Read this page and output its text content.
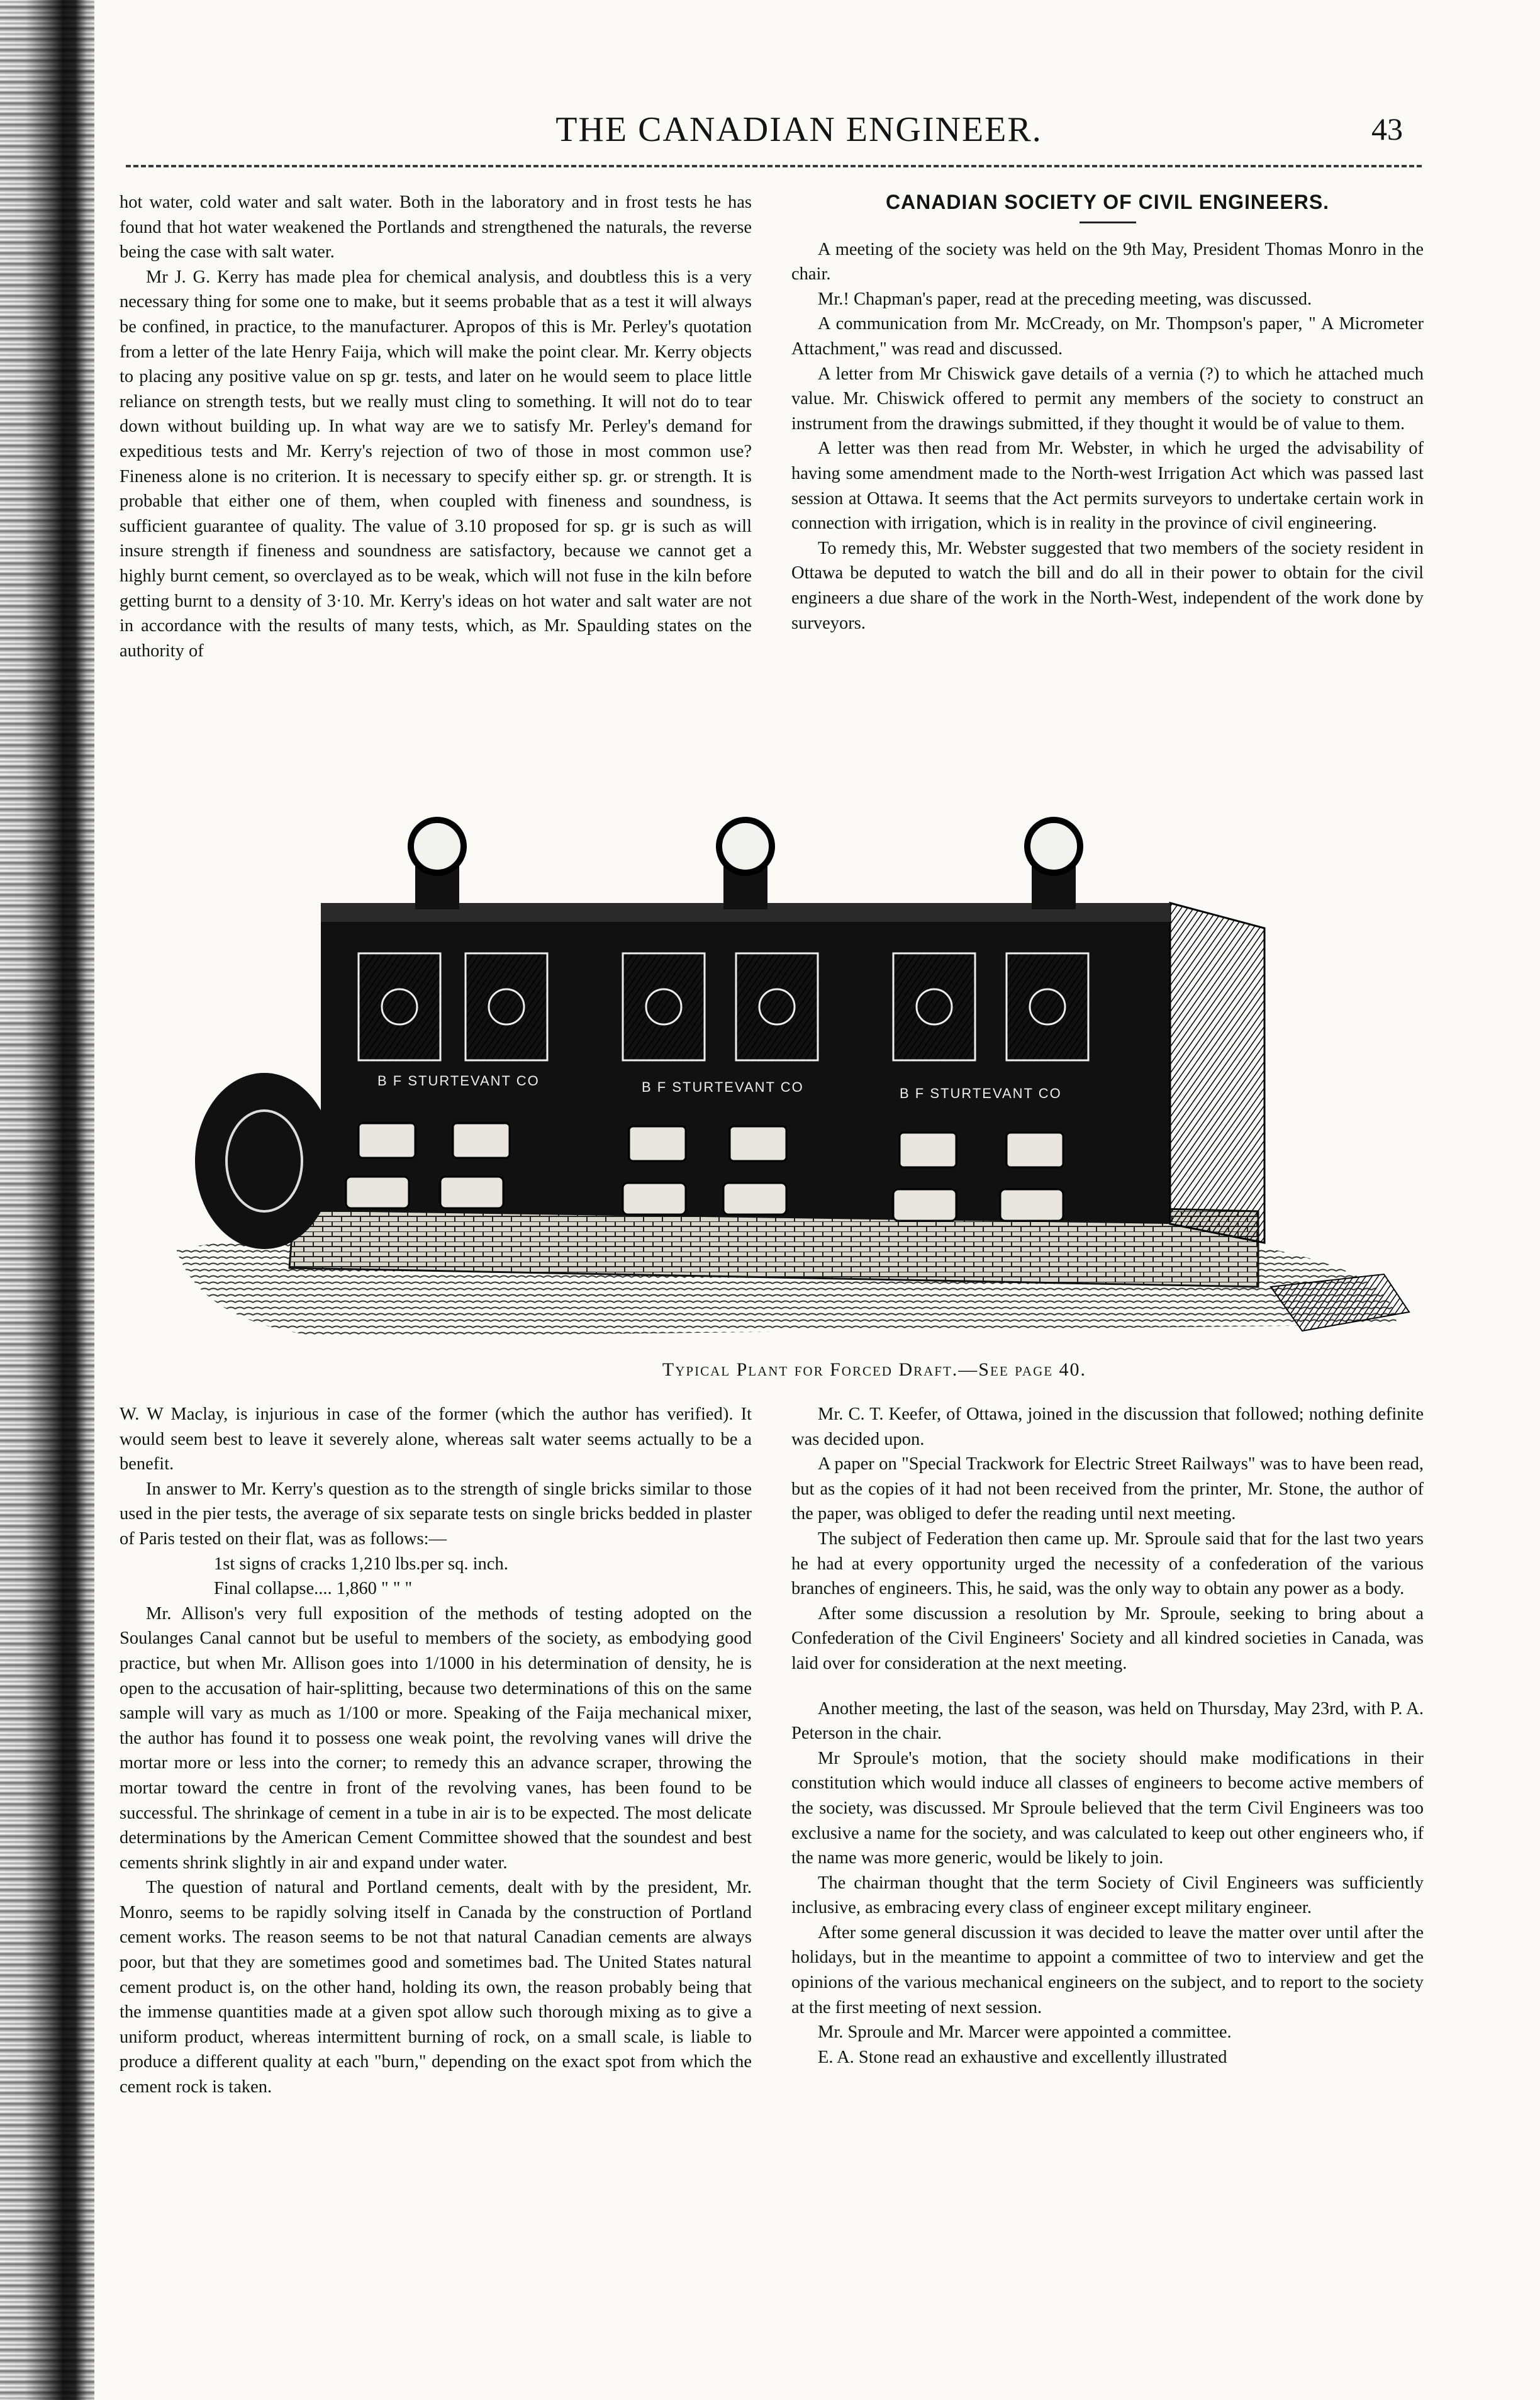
THE CANADIAN ENGINEER.	43

hot water, cold water and salt water. Both in the laboratory and in frost tests he has found that hot water weakened the Portlands and strengthened the naturals, the reverse being the case with salt water.

Mr J. G. Kerry has made plea for chemical analysis, and doubtless this is a very necessary thing for some one to make, but it seems probable that as a test it will always be confined, in practice, to the manufacturer. Apropos of this is Mr. Perley's quotation from a letter of the late Henry Faija, which will make the point clear. Mr. Kerry objects to placing any positive value on sp gr. tests, and later on he would seem to place little reliance on strength tests, but we really must cling to something. It will not do to tear down without building up. In what way are we to satisfy Mr. Perley's demand for expeditious tests and Mr. Kerry's rejection of two of those in most common use? Fineness alone is no criterion. It is necessary to specify either sp. gr. or strength. It is probable that either one of them, when coupled with fineness and soundness, is sufficient guarantee of quality. The value of 3.10 proposed for sp. gr is such as will insure strength if fineness and soundness are satisfactory, because we cannot get a highly burnt cement, so overclayed as to be weak, which will not fuse in the kiln before getting burnt to a density of 3·10. Mr. Kerry's ideas on hot water and salt water are not in accordance with the results of many tests, which, as Mr. Spaulding states on the authority of

CANADIAN SOCIETY OF CIVIL ENGINEERS.

A meeting of the society was held on the 9th May, President Thomas Monro in the chair.

Mr.! Chapman's paper, read at the preceding meeting, was discussed.

A communication from Mr. McCready, on Mr. Thompson's paper, " A Micrometer Attachment," was read and discussed.

A letter from Mr Chiswick gave details of a vernia (?) to which he attached much value. Mr. Chiswick offered to permit any members of the society to construct an instrument from the drawings submitted, if they thought it would be of value to them.

A letter was then read from Mr. Webster, in which he urged the advisability of having some amendment made to the North-west Irrigation Act which was passed last session at Ottawa. It seems that the Act permits surveyors to undertake certain work in connection with irrigation, which is in reality in the province of civil engineering.

To remedy this, Mr. Webster suggested that two members of the society resident in Ottawa be deputed to watch the bill and do all in their power to obtain for the civil engineers a due share of the work in the North-West, independent of the work done by surveyors.

B F STURTEVANT CO	B F STURTEVANT CO	B F STURTEVANT CO
Typical Plant for Forced Draft.—See page 40.

W. W Maclay, is injurious in case of the former (which the author has verified). It would seem best to leave it severely alone, whereas salt water seems actually to be a benefit.

In answer to Mr. Kerry's question as to the strength of single bricks similar to those used in the pier tests, the average of six separate tests on single bricks bedded in plaster of Paris tested on their flat, was as follows:—

1st signs of cracks 1,210 lbs.per sq. inch.

Final collapse.... 1,860 " " "

Mr. Allison's very full exposition of the methods of testing adopted on the Soulanges Canal cannot but be useful to members of the society, as embodying good practice, but when Mr. Allison goes into 1/1000 in his determination of density, he is open to the accusation of hair-splitting, because two determinations of this on the same sample will vary as much as 1/100 or more. Speaking of the Faija mechanical mixer, the author has found it to possess one weak point, the revolving vanes will drive the mortar more or less into the corner; to remedy this an advance scraper, throwing the mortar toward the centre in front of the revolving vanes, has been found to be successful. The shrinkage of cement in a tube in air is to be expected. The most delicate determinations by the American Cement Committee showed that the soundest and best cements shrink slightly in air and expand under water.

The question of natural and Portland cements, dealt with by the president, Mr. Monro, seems to be rapidly solving itself in Canada by the construction of Portland cement works. The reason seems to be not that natural Canadian cements are always poor, but that they are sometimes good and sometimes bad. The United States natural cement product is, on the other hand, holding its own, the reason probably being that the immense quantities made at a given spot allow such thorough mixing as to give a uniform product, whereas intermittent burning of rock, on a small scale, is liable to produce a different quality at each "burn," depending on the exact spot from which the cement rock is taken.

Mr. C. T. Keefer, of Ottawa, joined in the discussion that followed; nothing definite was decided upon.

A paper on "Special Trackwork for Electric Street Railways" was to have been read, but as the copies of it had not been received from the printer, Mr. Stone, the author of the paper, was obliged to defer the reading until next meeting.

The subject of Federation then came up. Mr. Sproule said that for the last two years he had at every opportunity urged the necessity of a confederation of the various branches of engineers. This, he said, was the only way to obtain any power as a body.

After some discussion a resolution by Mr. Sproule, seeking to bring about a Confederation of the Civil Engineers' Society and all kindred societies in Canada, was laid over for consideration at the next meeting.

Another meeting, the last of the season, was held on Thursday, May 23rd, with P. A. Peterson in the chair.

Mr Sproule's motion, that the society should make modifications in their constitution which would induce all classes of engineers to become active members of the society, was discussed. Mr Sproule believed that the term Civil Engineers was too exclusive a name for the society, and was calculated to keep out other engineers who, if the name was more generic, would be likely to join.

The chairman thought that the term Society of Civil Engineers was sufficiently inclusive, as embracing every class of engineer except military engineer.

After some general discussion it was decided to leave the matter over until after the holidays, but in the meantime to appoint a committee of two to interview and get the opinions of the various mechanical engineers on the subject, and to report to the society at the first meeting of next session.

Mr. Sproule and Mr. Marcer were appointed a committee.

E. A. Stone read an exhaustive and excellently illustrated
